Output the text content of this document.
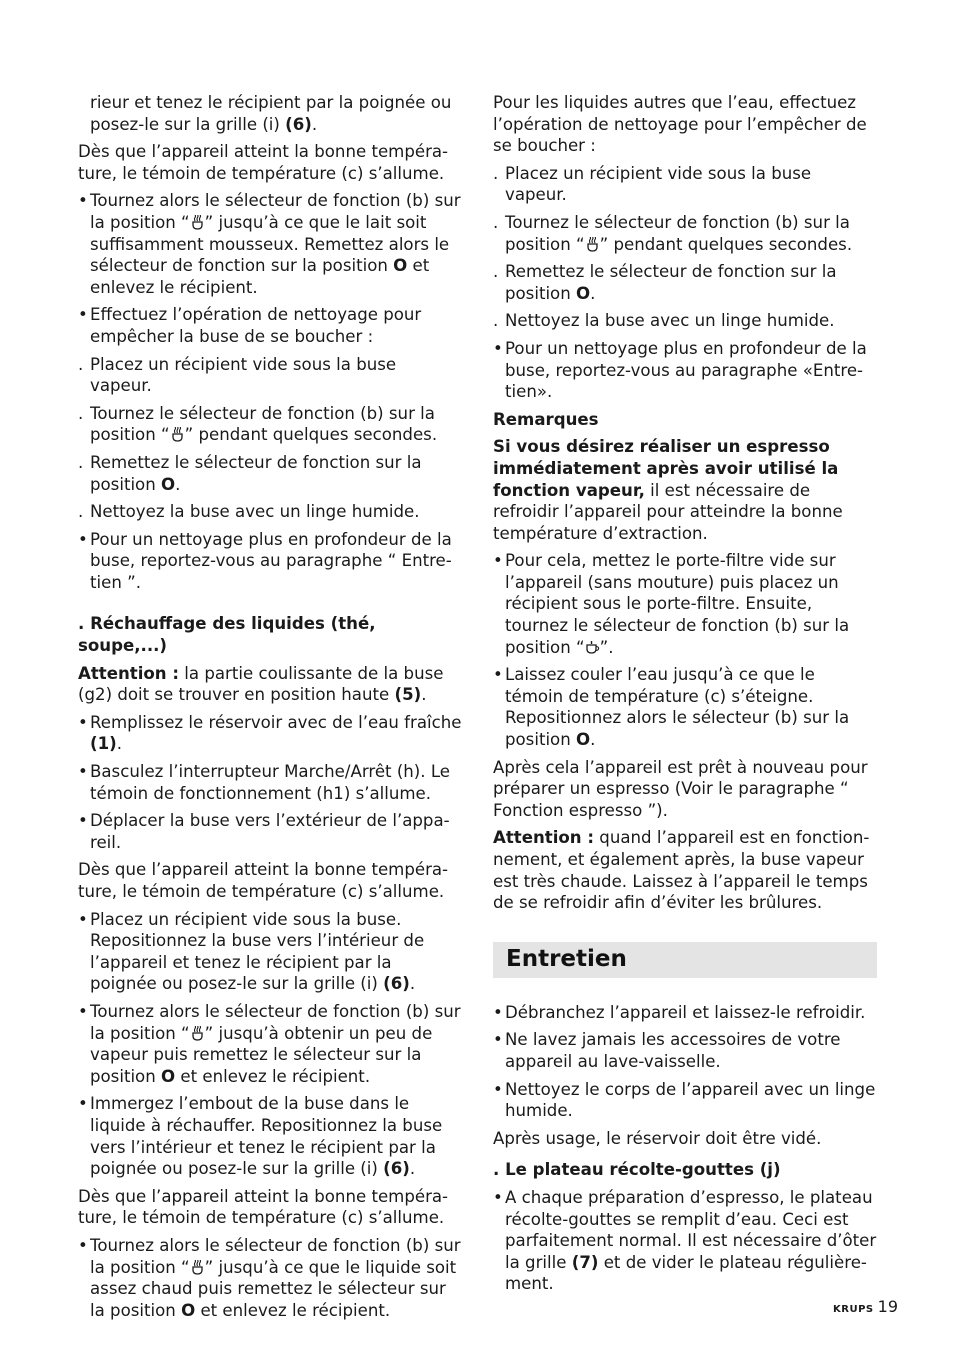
rieur et tenez le récipient par la poignée ou posez-le sur la grille (i) (6).

Dès que l’appareil atteint la bonne tempéra-ture, le témoin de température (c) s’allume.

• Tournez alors le sélecteur de fonction (b) sur la position “ ” jusqu’à ce que le lait soit suffisamment mousseux. Remettez alors le sélecteur de fonction sur la position O et enlevez le récipient.
• Effectuez l’opération de nettoyage pour empêcher la buse de se boucher :
. Placez un récipient vide sous la buse vapeur.
. Tournez le sélecteur de fonction (b) sur la position “ ” pendant quelques secondes.
. Remettez le sélecteur de fonction sur la position O.
. Nettoyez la buse avec un linge humide.
• Pour un nettoyage plus en profondeur de la buse, reportez-vous au paragraphe “ Entre-tien ”.

. Réchauffage des liquides (thé, soupe,...)

Attention : la partie coulissante de la buse (g2) doit se trouver en position haute (5).

• Remplissez le réservoir avec de l’eau fraîche (1).
• Basculez l’interrupteur Marche/Arrêt (h). Le témoin de fonctionnement (h1) s’allume.
• Déplacer la buse vers l’extérieur de l’appa-reil.

Dès que l’appareil atteint la bonne tempéra-ture, le témoin de température (c) s’allume.

• Placez un récipient vide sous la buse. Repositionnez la buse vers l’intérieur de l’appareil et tenez le récipient par la poignée ou posez-le sur la grille (i) (6).
• Tournez alors le sélecteur de fonction (b) sur la position “ ” jusqu’à obtenir un peu de vapeur puis remettez le sélecteur sur la position O et enlevez le récipient.
• Immergez l’embout de la buse dans le liquide à réchauffer. Repositionnez la buse vers l’intérieur et tenez le récipient par la poignée ou posez-le sur la grille (i) (6).

Dès que l’appareil atteint la bonne tempéra-ture, le témoin de température (c) s’allume.

• Tournez alors le sélecteur de fonction (b) sur la position “ ” jusqu’à ce que le liquide soit assez chaud puis remettez le sélecteur sur la position O et enlevez le récipient.

Pour les liquides autres que l’eau, effectuez l’opération de nettoyage pour l’empêcher de se boucher :

. Placez un récipient vide sous la buse vapeur.
. Tournez le sélecteur de fonction (b) sur la position “ ” pendant quelques secondes.
. Remettez le sélecteur de fonction sur la position O.
. Nettoyez la buse avec un linge humide.
• Pour un nettoyage plus en profondeur de la buse, reportez-vous au paragraphe «Entre-tien».

Remarques

Si vous désirez réaliser un espresso immédiatement après avoir utilisé la fonction vapeur, il est nécessaire de refroidir l’appareil pour atteindre la bonne température d’extraction.

• Pour cela, mettez le porte-filtre vide sur l’appareil (sans mouture) puis placez un récipient sous le porte-filtre. Ensuite, tournez le sélecteur de fonction (b) sur la position “ ”.
• Laissez couler l’eau jusqu’à ce que le témoin de température (c) s’éteigne. Repositionnez alors le sélecteur (b) sur la position O.

Après cela l’appareil est prêt à nouveau pour préparer un espresso (Voir le paragraphe “ Fonction espresso ”).

Attention : quand l’appareil est en fonction-nement, et également après, la buse vapeur est très chaude. Laissez à l’appareil le temps de se refroidir afin d’éviter les brûlures.

Entretien
• Débranchez l’appareil et laissez-le refroidir.
• Ne lavez jamais les accessoires de votre appareil au lave-vaisselle.
• Nettoyez le corps de l’appareil avec un linge humide.

Après usage, le réservoir doit être vidé.

. Le plateau récolte-gouttes (j)

• A chaque préparation d’espresso, le plateau récolte-gouttes se remplit d’eau. Ceci est parfaitement normal. Il est nécessaire d’ôter la grille (7) et de vider le plateau régulière-ment.
KRUPS 19
